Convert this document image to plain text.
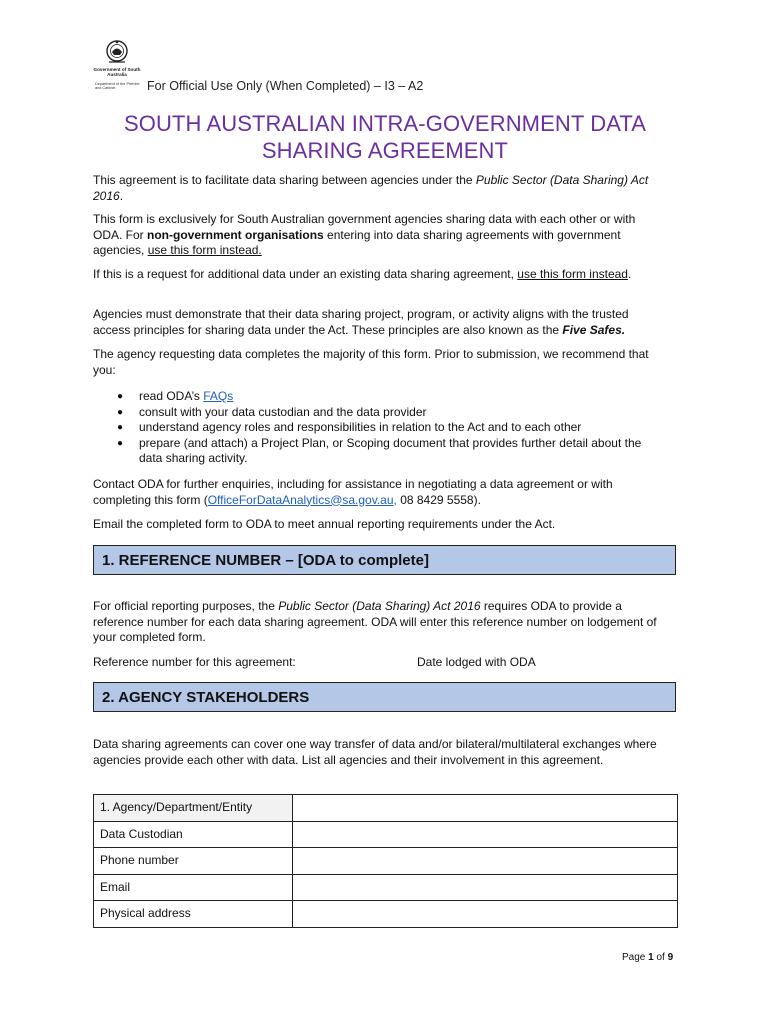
Government of South Australia
Department of the Premier and Cabinet	For Official Use Only (When Completed) – I3 – A2
SOUTH AUSTRALIAN INTRA-GOVERNMENT DATA
SHARING AGREEMENT

This agreement is to facilitate data sharing between agencies under the Public Sector (Data Sharing) Act 2016.

This form is exclusively for South Australian government agencies sharing data with each other or with ODA. For non-government organisations entering into data sharing agreements with government agencies, use this form instead.

If this is a request for additional data under an existing data sharing agreement, use this form instead.

Agencies must demonstrate that their data sharing project, program, or activity aligns with the trusted access principles for sharing data under the Act. These principles are also known as the Five Safes.

The agency requesting data completes the majority of this form. Prior to submission, we recommend that you:

● read ODA’s FAQs
● consult with your data custodian and the data provider
● understand agency roles and responsibilities in relation to the Act and to each other
● prepare (and attach) a Project Plan, or Scoping document that provides further detail about the data sharing activity.

Contact ODA for further enquiries, including for assistance in negotiating a data agreement or with completing this form (OfficeForDataAnalytics@sa.gov.au, 08 8429 5558).

Email the completed form to ODA to meet annual reporting requirements under the Act.

1. REFERENCE NUMBER – [ODA to complete]

For official reporting purposes, the Public Sector (Data Sharing) Act 2016 requires ODA to provide a reference number for each data sharing agreement. ODA will enter this reference number on lodgement of your completed form.

Reference number for this agreement:	Date lodged with ODA
2. AGENCY STAKEHOLDERS

Data sharing agreements can cover one way transfer of data and/or bilateral/multilateral exchanges where agencies provide each other with data. List all agencies and their involvement in this agreement.

1. Agency/Department/Entity	
Data Custodian	
Phone number	
Email	
Physical address	
Page 1 of 9
